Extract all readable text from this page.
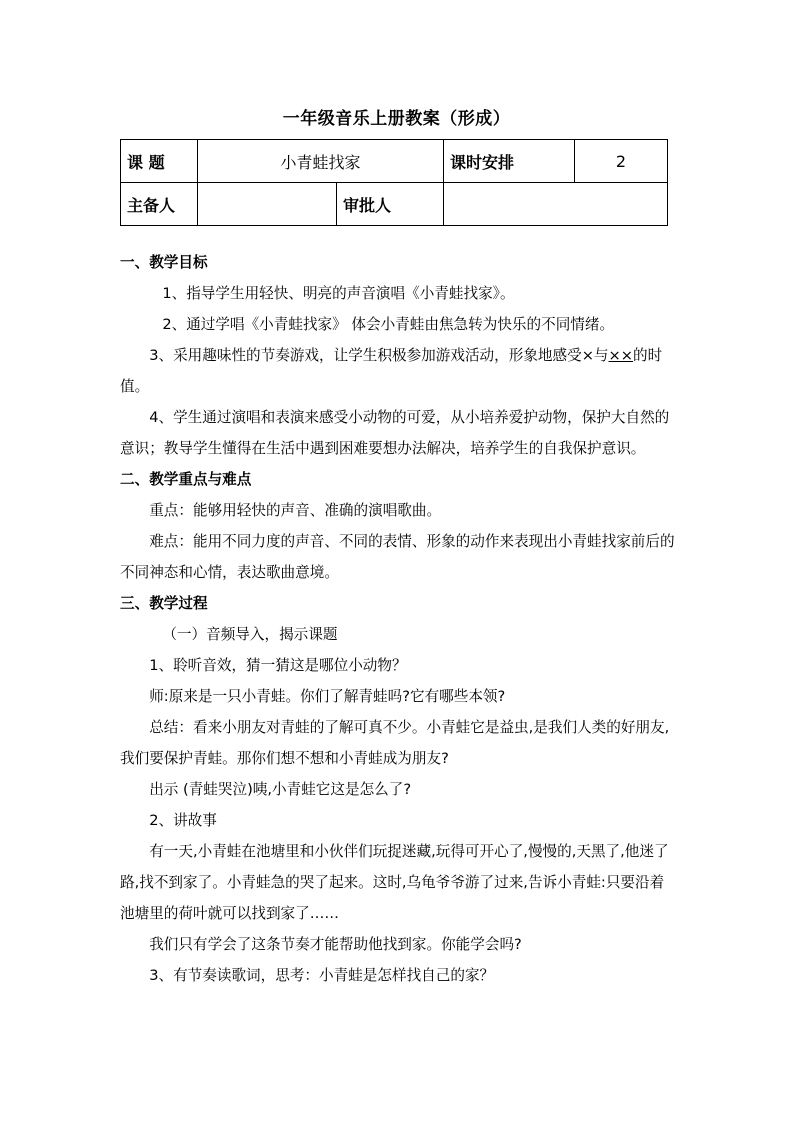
一年级音乐上册教案（形成）
课 题	小青蛙找家		课时安排	2
主备人		审批人		

一、教学目标

1、指导学生用轻快、明亮的声音演唱《小青蛙找家》。

2、通过学唱《小青蛙找家》 体会小青蛙由焦急转为快乐的不同情绪。

3、采用趣味性的节奏游戏，让学生积极参加游戏活动，形象地感受×与××的时值。

4、学生通过演唱和表演来感受小动物的可爱，从小培养爱护动物，保护大自然的意识；教导学生懂得在生活中遇到困难要想办法解决，培养学生的自我保护意识。

二、教学重点与难点

重点：能够用轻快的声音、准确的演唱歌曲。

难点：能用不同力度的声音、不同的表情、形象的动作来表现出小青蛙找家前后的不同神态和心情，表达歌曲意境。

三、教学过程

（一）音频导入，揭示课题

1、聆听音效，猜一猜这是哪位小动物？

师:原来是一只小青蛙。你们了解青蛙吗?它有哪些本领?

总结：看来小朋友对青蛙的了解可真不少。小青蛙它是益虫,是我们人类的好朋友,我们要保护青蛙。那你们想不想和小青蛙成为朋友?

出示 (青蛙哭泣)咦,小青蛙它这是怎么了?

2、讲故事

有一天,小青蛙在池塘里和小伙伴们玩捉迷藏,玩得可开心了,慢慢的,天黑了,他迷了路,找不到家了。小青蛙急的哭了起来。这时,乌龟爷爷游了过来,告诉小青蛙:只要沿着池塘里的荷叶就可以找到家了……

我们只有学会了这条节奏才能帮助他找到家。你能学会吗?

3、有节奏读歌词，思考：小青蛙是怎样找自己的家？
